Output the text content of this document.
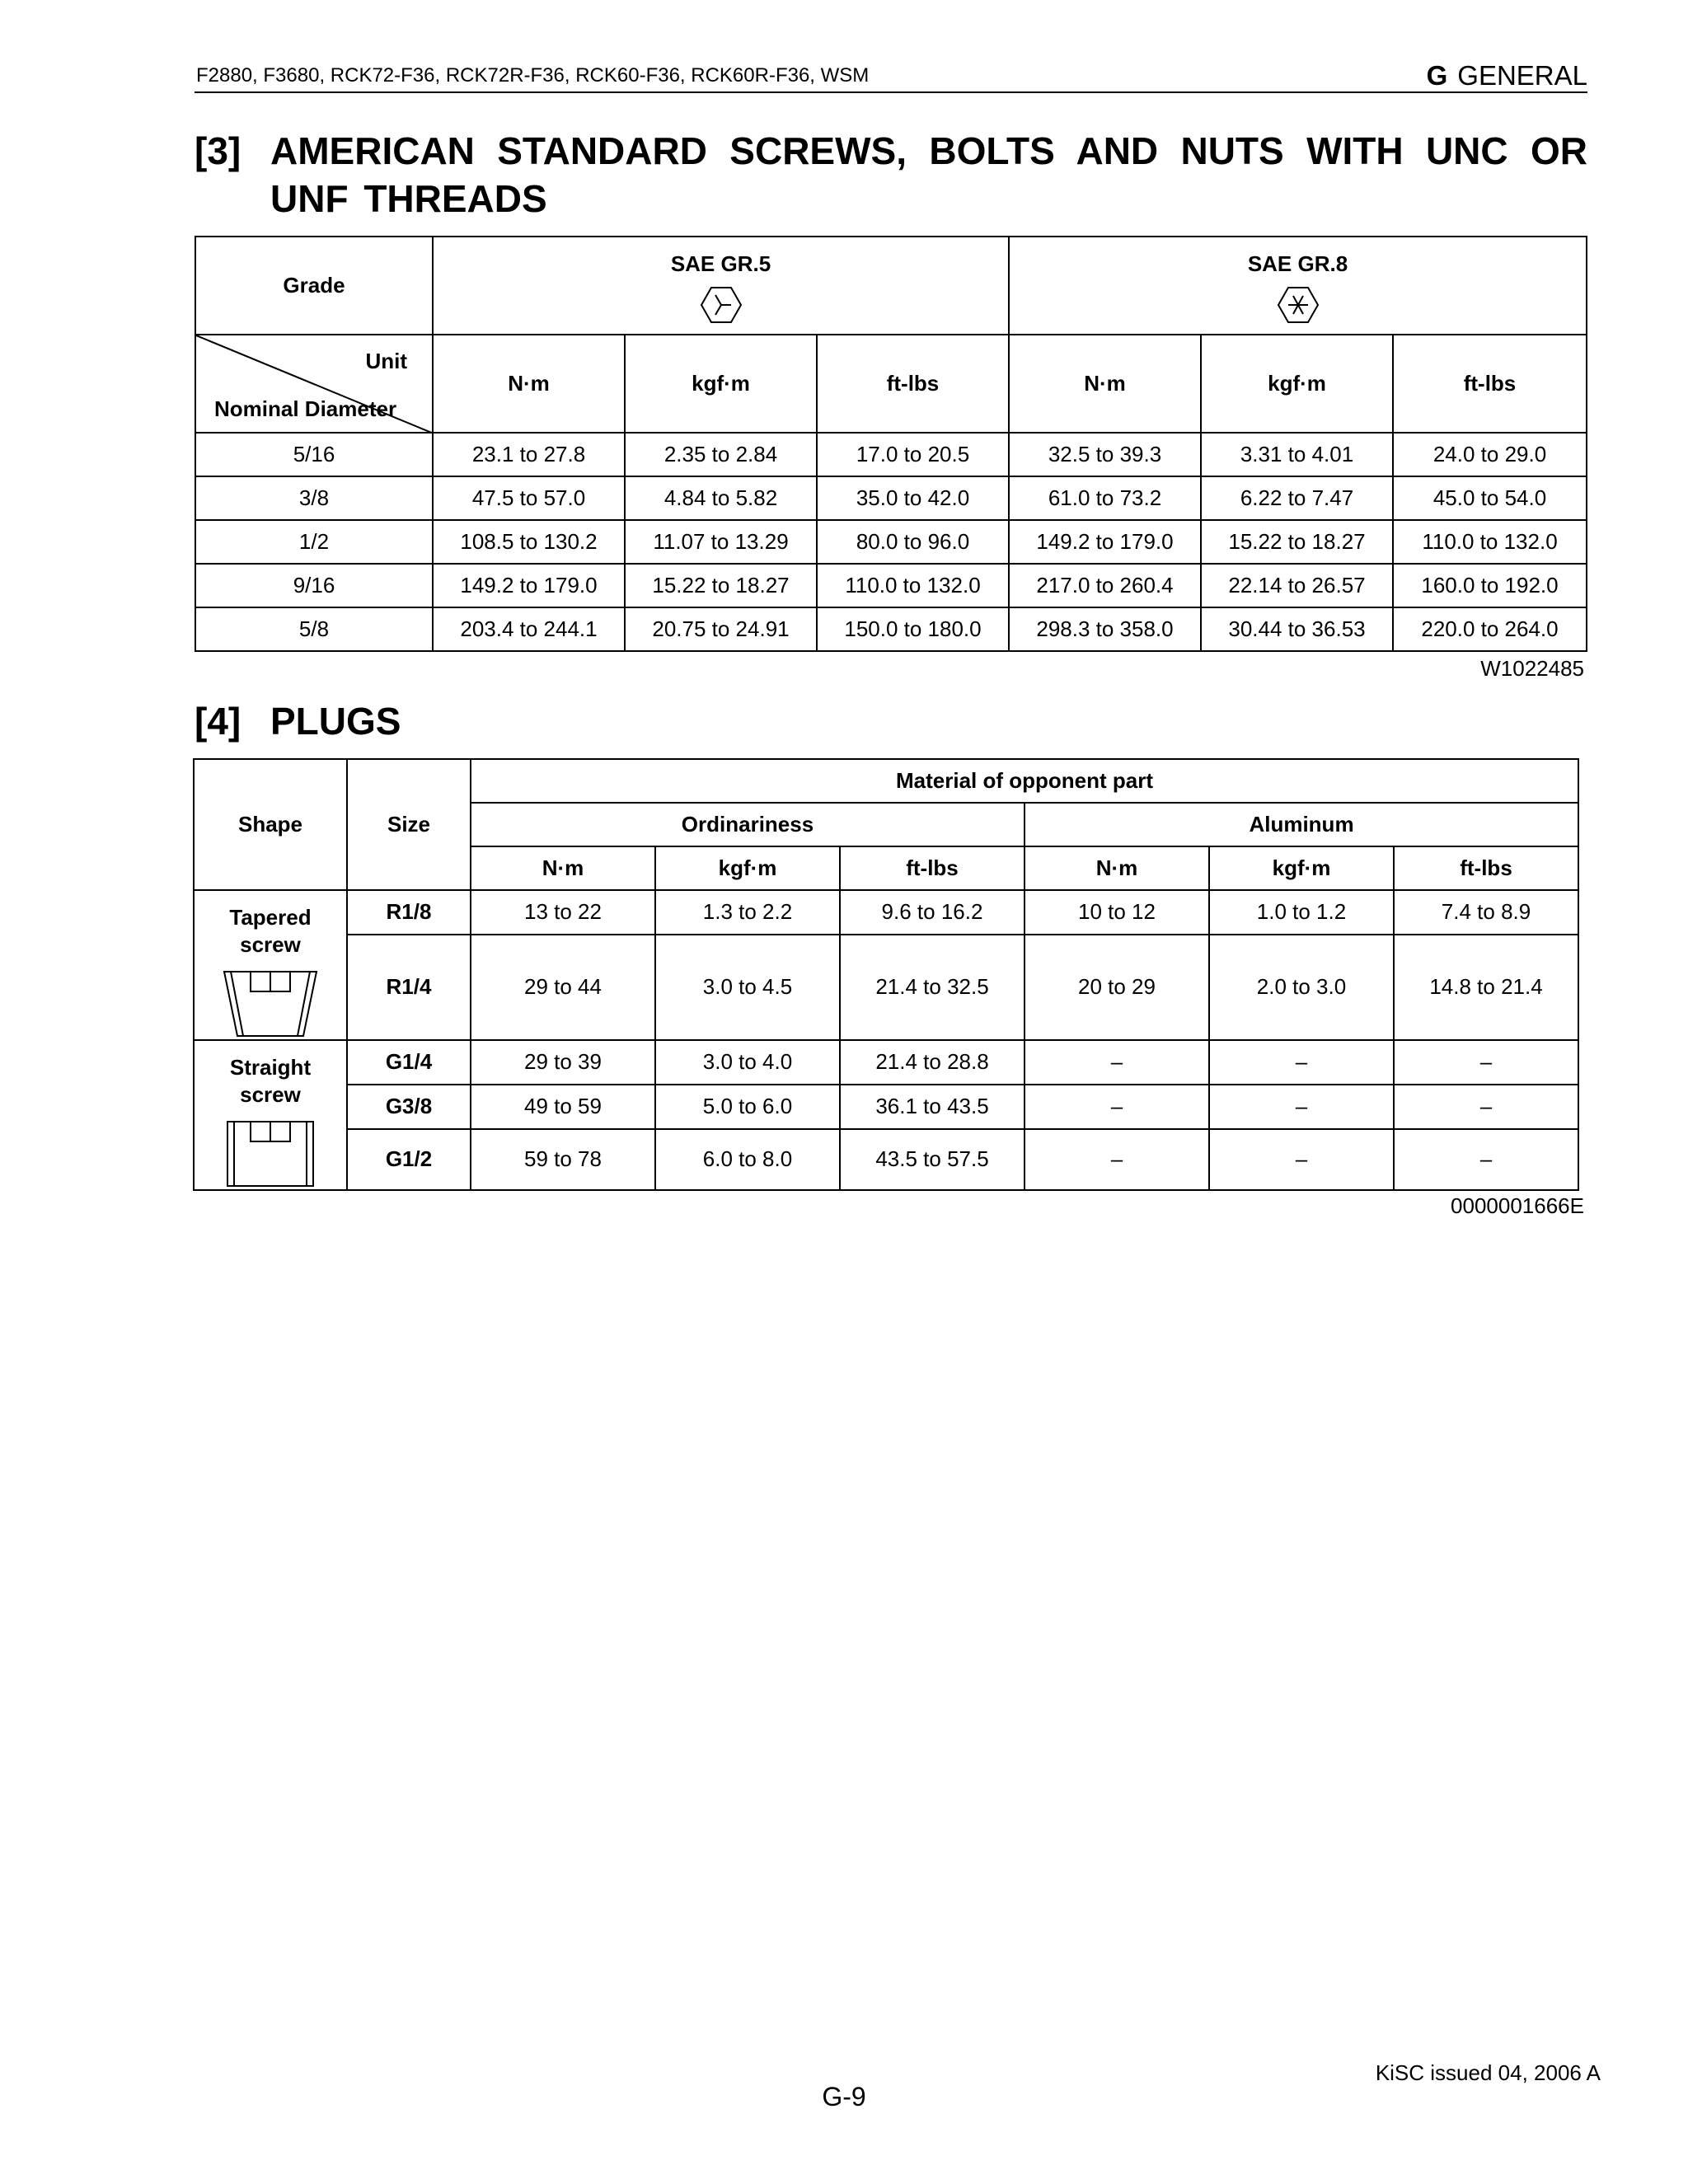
F2880, F3680, RCK72-F36, RCK72R-F36, RCK60-F36, RCK60R-F36, WSM	G GENERAL
[3] AMERICAN STANDARD SCREWS, BOLTS AND NUTS WITH UNC OR
UNF THREADS
Grade	SAE GR.5			SAE GR.8		

Unit
Nominal Diameter	N·m	kgf·m	ft-lbs	N·m	kgf·m	ft-lbs
5/16	23.1 to 27.8	2.35 to 2.84	17.0 to 20.5	32.5 to 39.3	3.31 to 4.01	24.0 to 29.0
3/8	47.5 to 57.0	4.84 to 5.82	35.0 to 42.0	61.0 to 73.2	6.22 to 7.47	45.0 to 54.0
1/2	108.5 to 130.2	11.07 to 13.29	80.0 to 96.0	149.2 to 179.0	15.22 to 18.27	110.0 to 132.0
9/16	149.2 to 179.0	15.22 to 18.27	110.0 to 132.0	217.0 to 260.4	22.14 to 26.57	160.0 to 192.0
5/8	203.4 to 244.1	20.75 to 24.91	150.0 to 180.0	298.3 to 358.0	30.44 to 36.53	220.0 to 264.0
W1022485
[4] PLUGS
Shape	Size	Material of opponent part					
		Ordinariness			Aluminum		
		N·m	kgf·m	ft-lbs	N·m	kgf·m	ft-lbs

Tapered
screw	R1/8	13 to 22	1.3 to 2.2	9.6 to 16.2	10 to 12	1.0 to 1.2	7.4 to 8.9
	R1/4	29 to 44	3.0 to 4.5	21.4 to 32.5	20 to 29	2.0 to 3.0	14.8 to 21.4

Straight
screw	G1/4	29 to 39	3.0 to 4.0	21.4 to 28.8	–	–	–
	G3/8	49 to 59	5.0 to 6.0	36.1 to 43.5	–	–	–
	G1/2	59 to 78	6.0 to 8.0	43.5 to 57.5	–	–	–
0000001666E
KiSC issued 04, 2006 A
G-9
